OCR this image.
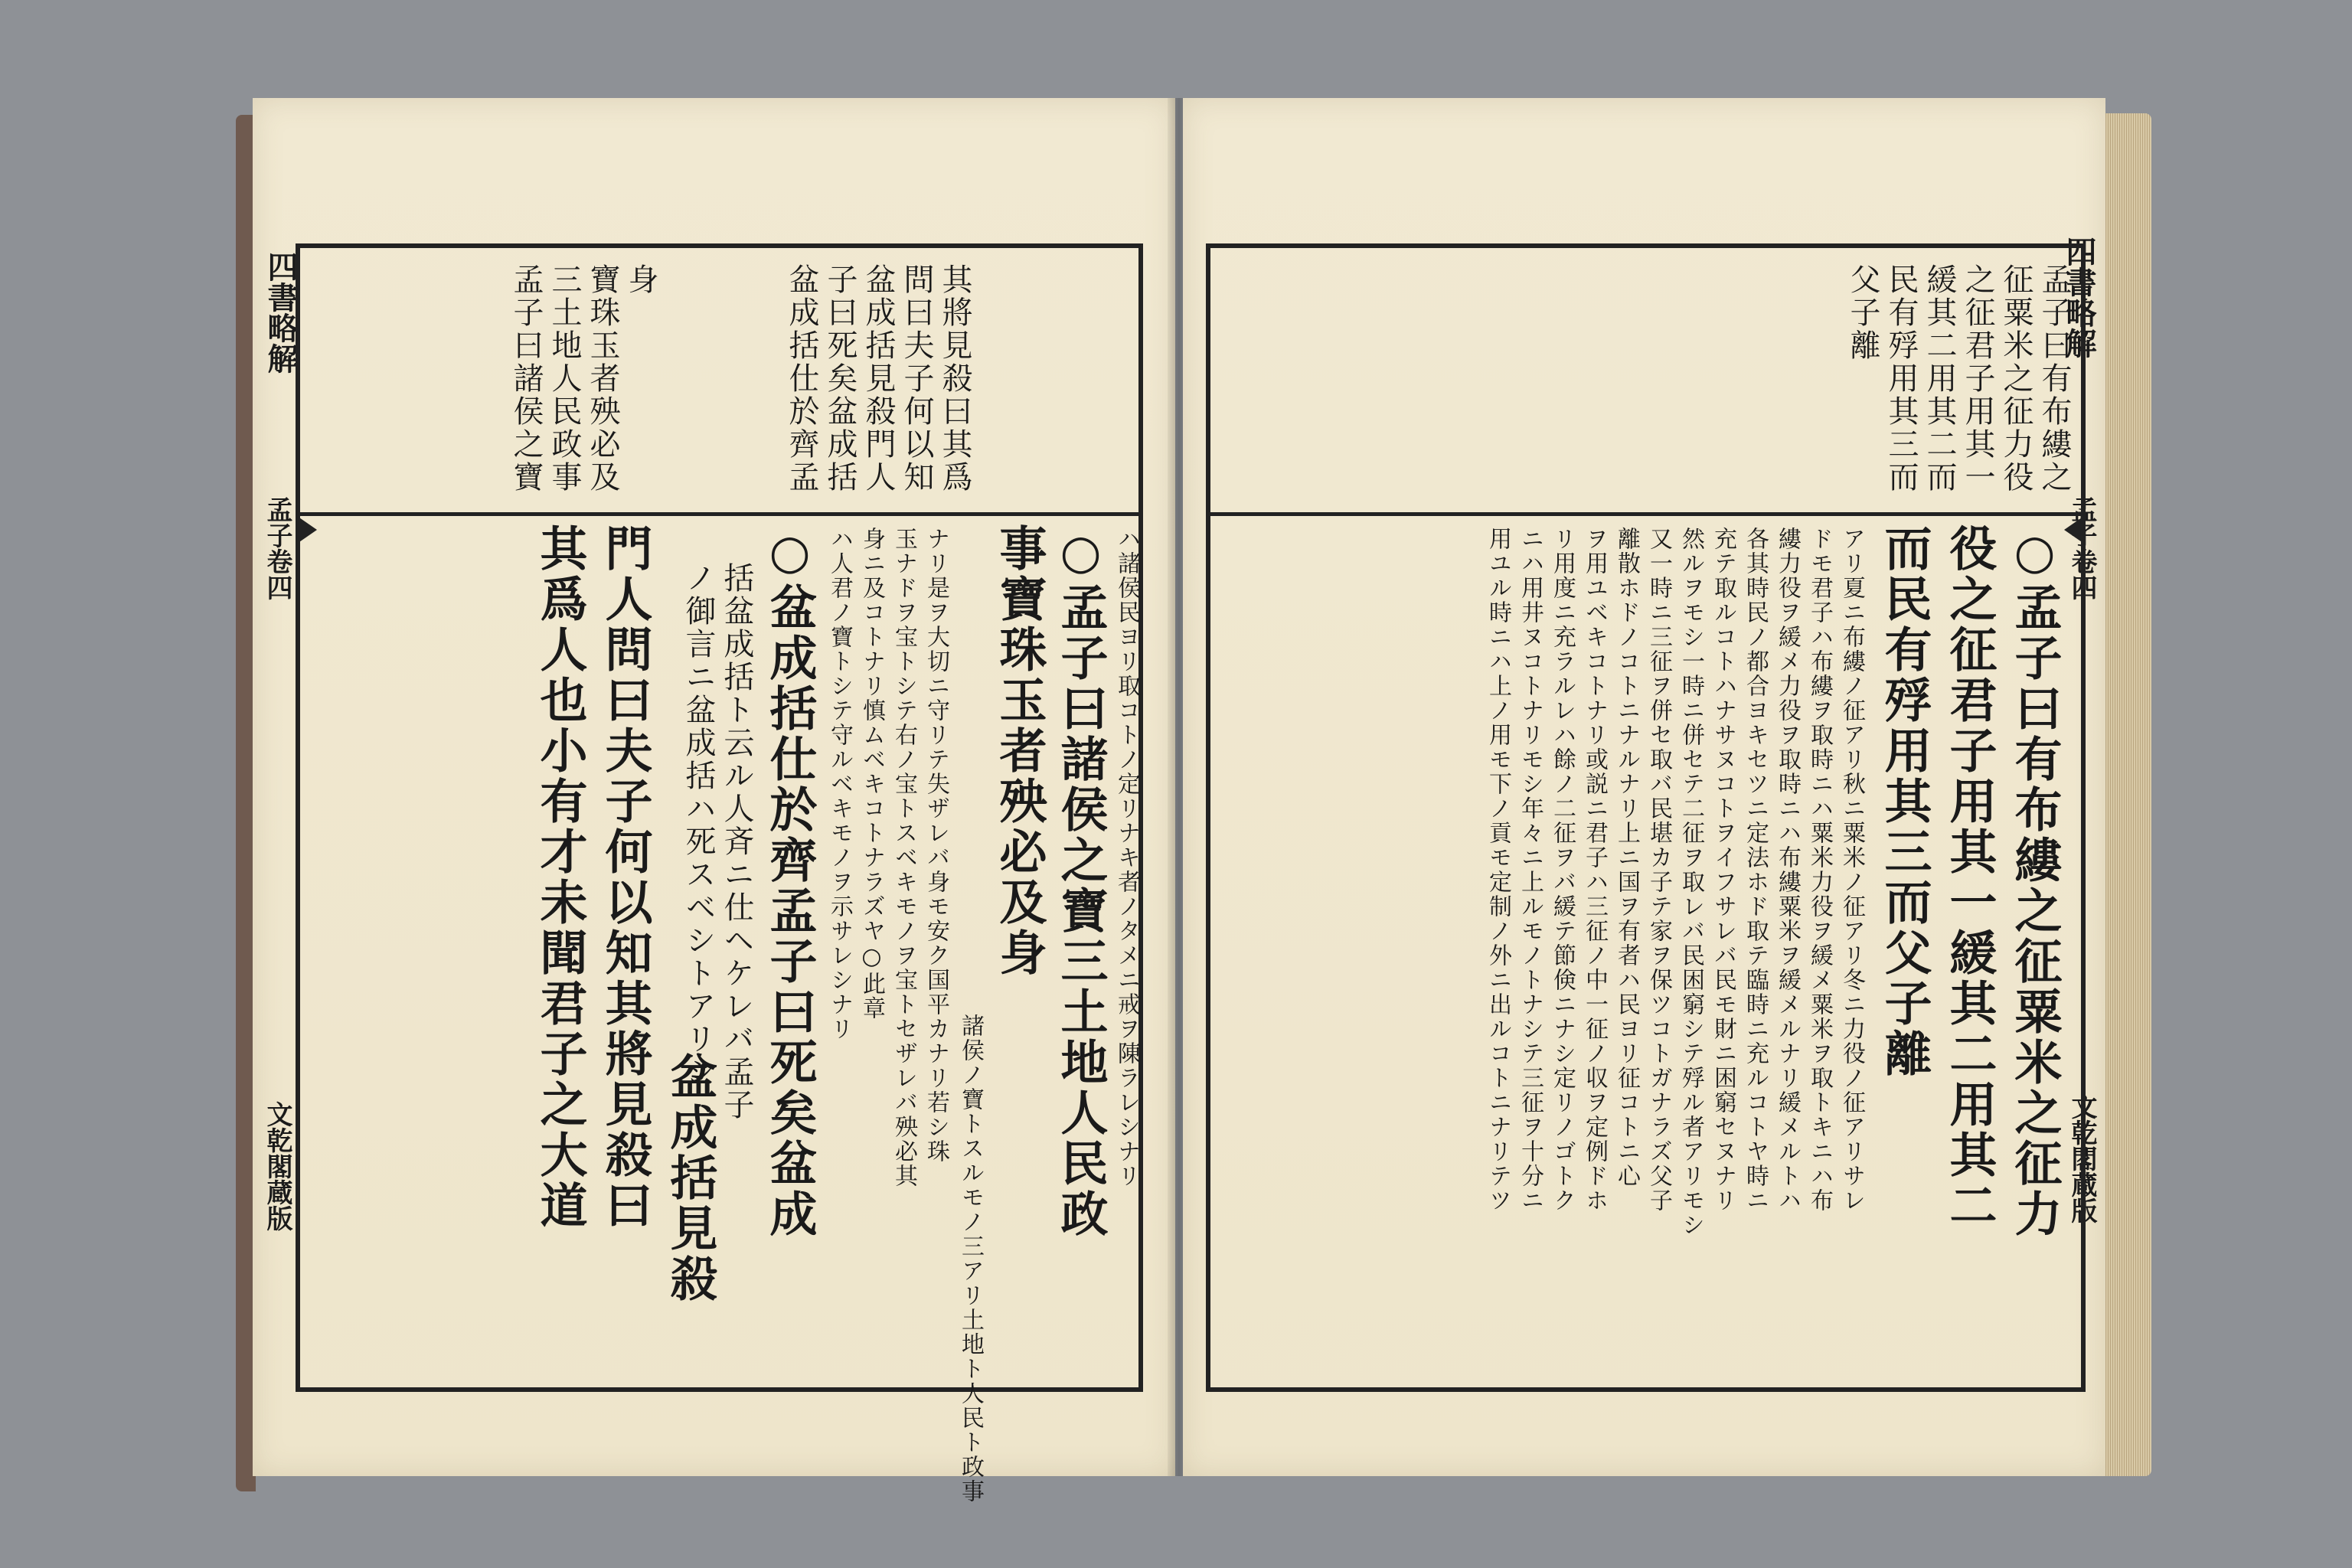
四書略解
孟子卷四
文乾閣蔵版
孟子曰諸侯之寶 三土地人民政事 寶珠玉者殃必及 身	盆成括仕於齊孟 子曰死矣盆成括 盆成括見殺門人 問曰夫子何以知 其將見殺曰其爲
ハ諸侯民ヨリ取コトノ定リナキ者ノタメニ戒ヲ陳ラレシナリ
○孟子曰諸侯之寶三土地人民政
事寶珠玉者殃必及身
諸侯ノ寶トスルモノ三アリ土地ト人民ト政事
ナリ是ヲ大切ニ守リテ失ザレバ身モ安ク国平カナリ若シ珠
玉ナドヲ宝トシテ右ノ宝トスベキモノヲ宝トセザレバ殃必其
身ニ及コトナリ慎ムベキコトナラズヤ○此章
ハ人君ノ寶トシテ守ルベキモノヲ示サレシナリ
○盆成括仕於齊孟子曰死矣盆成
括盆成括ト云ル人斉ニ仕ヘケレバ孟子
ノ御言ニ盆成括ハ死スベシトアリシ
盆成括見殺
門人問曰夫子何以知其將見殺曰
其爲人也小有才未聞君子之大道
四書略解
孟子卷四
文乾閣蔵版
孟子曰有布縷之
征粟米之征力役
之征君子用其一
緩其二用其二而
民有殍用其三而
父子離
○孟子曰有布縷之征粟米之征力
役之征君子用其一緩其二用其二
而民有殍用其三而父子離
アリ夏ニ布縷ノ征アリ秋ニ粟米ノ征アリ冬ニ力役ノ征アリサレ
ドモ君子ハ布縷ヲ取時ニハ粟米力役ヲ緩メ粟米ヲ取トキニハ布
縷力役ヲ緩メ力役ヲ取時ニハ布縷粟米ヲ緩メルナリ緩メルトハ
各其時民ノ都合ヨキセツニ定法ホド取テ臨時ニ充ルコトヤ時ニ
充テ取ルコトハナサヌコトヲイフサレバ民モ財ニ困窮セヌナリ
然ルヲモシ一時ニ併セテ二征ヲ取レバ民困窮シテ殍ル者アリモシ
又一時ニ三征ヲ併セ取バ民堪カ子テ家ヲ保ツコトガナラズ父子
離散ホドノコトニナルナリ上ニ国ヲ有者ハ民ヨリ征コトニ心
ヲ用ユベキコトナリ或説ニ君子ハ三征ノ中一征ノ収ヲ定例ドホ
リ用度ニ充ラルレハ餘ノ二征ヲバ緩テ節倹ニナシ定リノゴトク
ニハ用井ヌコトナリモシ年々ニ上ルモノトナシテ三征ヲ十分ニ
用ユル時ニハ上ノ用モ下ノ貢モ定制ノ外ニ出ルコトニナリテツ
